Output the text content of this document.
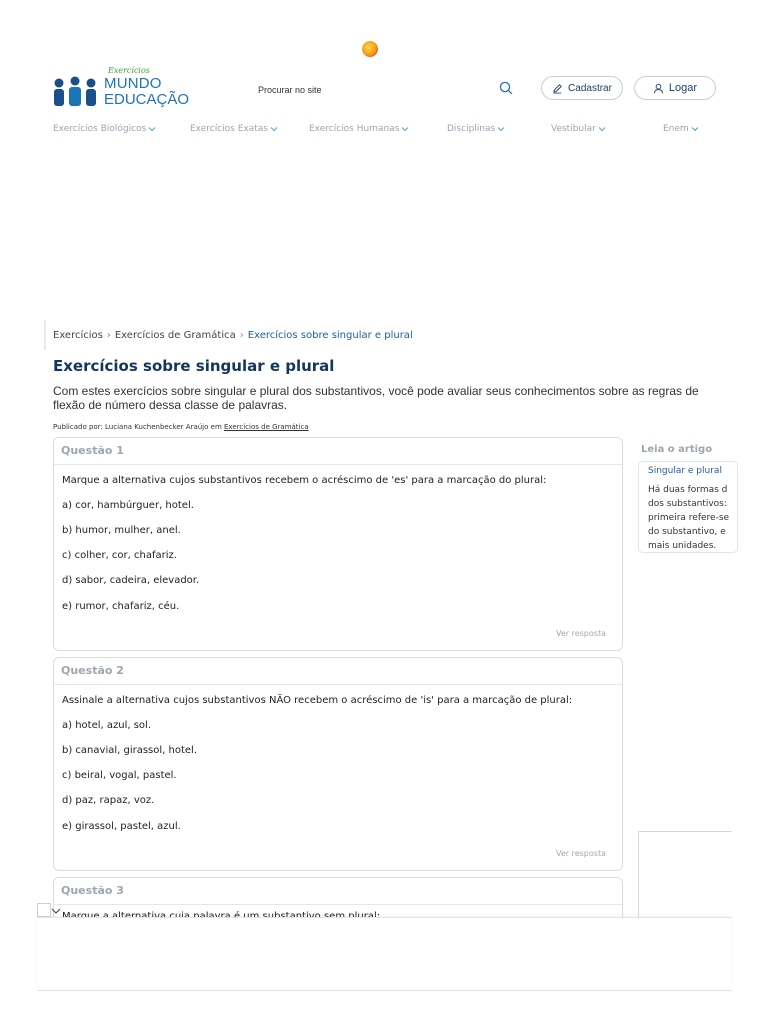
Exercícios
MUNDO
EDUCAÇÃO
Procurar no site
Cadastrar	Logar
Exercícios Biológicos	Exercícios Exatas	Exercícios Humanas	Disciplinas	Vestibular	Enem
Exercícios › Exercícios de Gramática › Exercícios sobre singular e plural
Exercícios sobre singular e plural
Com estes exercícios sobre singular e plural dos substantivos, você pode avaliar seus conhecimentos sobre as regras de flexão de número dessa classe de palavras.
Publicado por: Luciana Kuchenbecker Araújo em Exercícios de Gramática
Questão 1
Marque a alternativa cujos substantivos recebem o acréscimo de 'es' para a marcação do plural:
a) cor, hambúrguer, hotel.
b) humor, mulher, anel.
c) colher, cor, chafariz.
d) sabor, cadeira, elevador.
e) rumor, chafariz, céu.
Ver resposta
Questão 2
Assinale a alternativa cujos substantivos NÃO recebem o acréscimo de 'is' para a marcação de plural:
a) hotel, azul, sol.
b) canavial, girassol, hotel.
c) beiral, vogal, pastel.
d) paz, rapaz, voz.
e) girassol, pastel, azul.
Ver resposta
Questão 3
Leia o artigo
Singular e plural
Há duas formas d
dos substantivos:
primeira refere-se
do substantivo, e
mais unidades.
